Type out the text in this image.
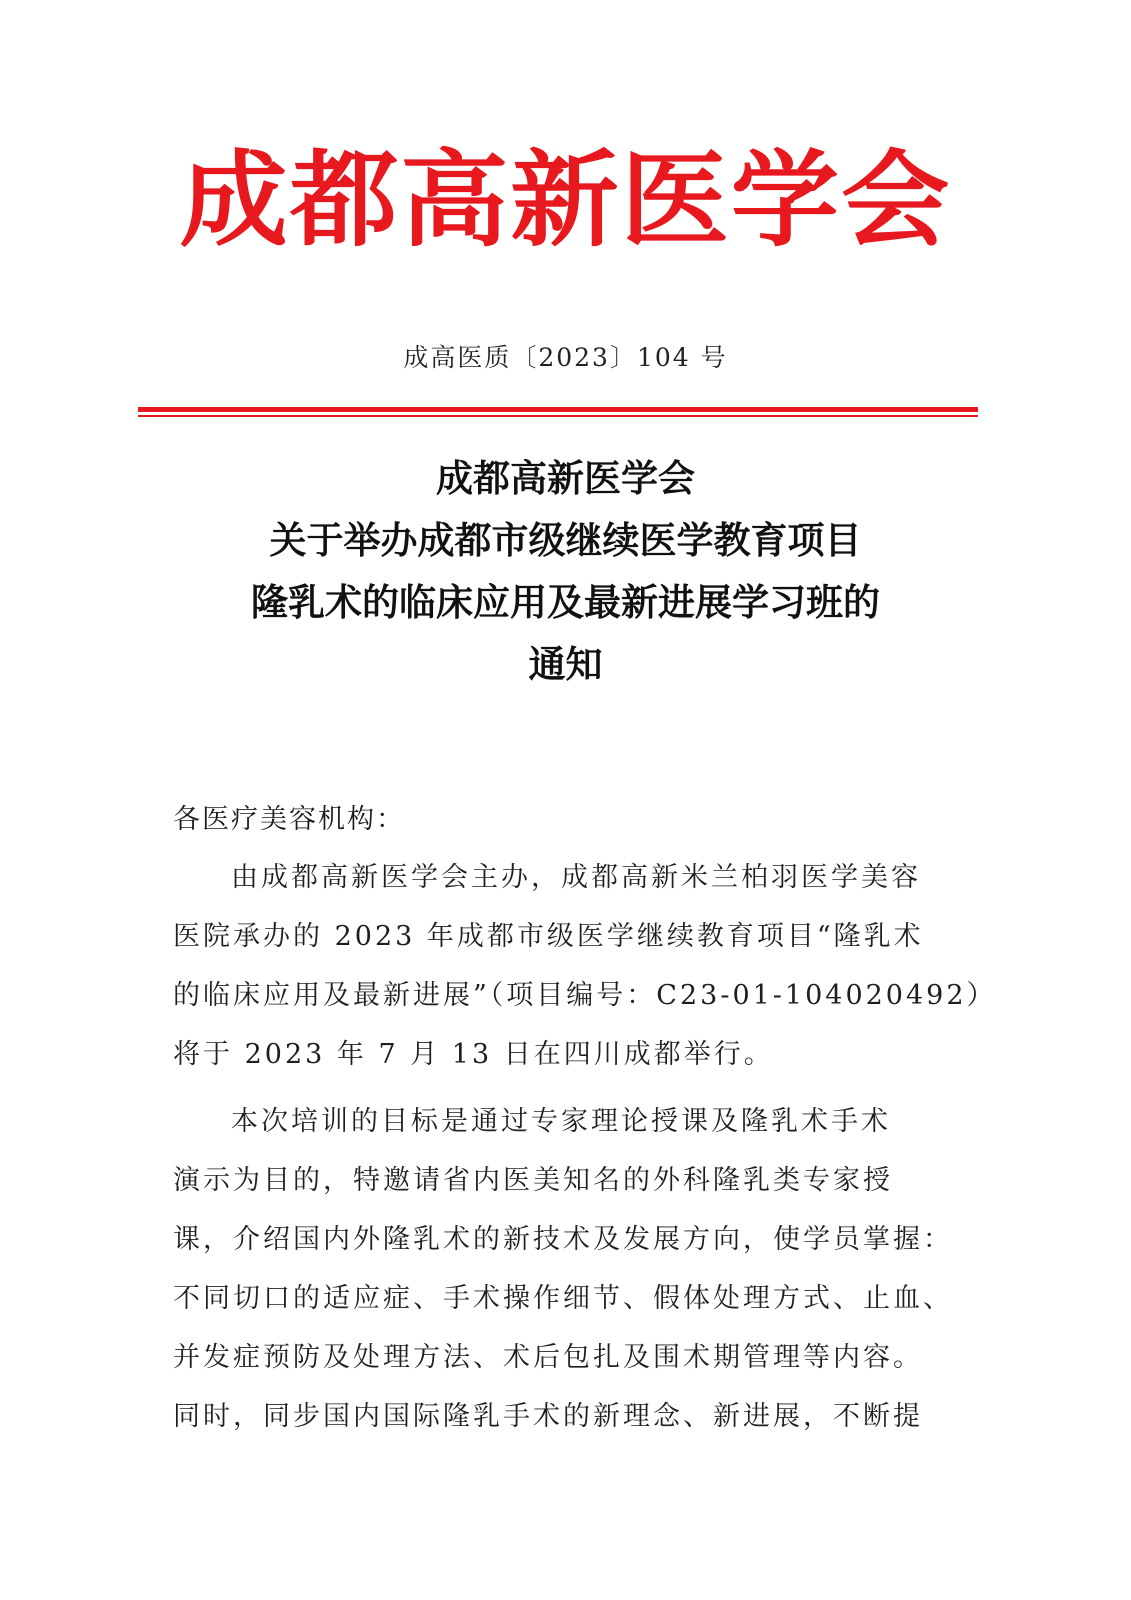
成都高新医学会
成高医质〔2023〕104 号
成都高新医学会
关于举办成都市级继续医学教育项目
隆乳术的临床应用及最新进展学习班的
通知
各医疗美容机构：
由成都高新医学会主办，成都高新米兰柏羽医学美容
医院承办的 2023 年成都市级医学继续教育项目“隆乳术
的临床应用及最新进展”（项目编号：C23-01-104020492）
将于 2023 年 7 月 13 日在四川成都举行。
本次培训的目标是通过专家理论授课及隆乳术手术
演示为目的，特邀请省内医美知名的外科隆乳类专家授
课，介绍国内外隆乳术的新技术及发展方向，使学员掌握：
不同切口的适应症、手术操作细节、假体处理方式、止血、
并发症预防及处理方法、术后包扎及围术期管理等内容。
同时，同步国内国际隆乳手术的新理念、新进展，不断提
